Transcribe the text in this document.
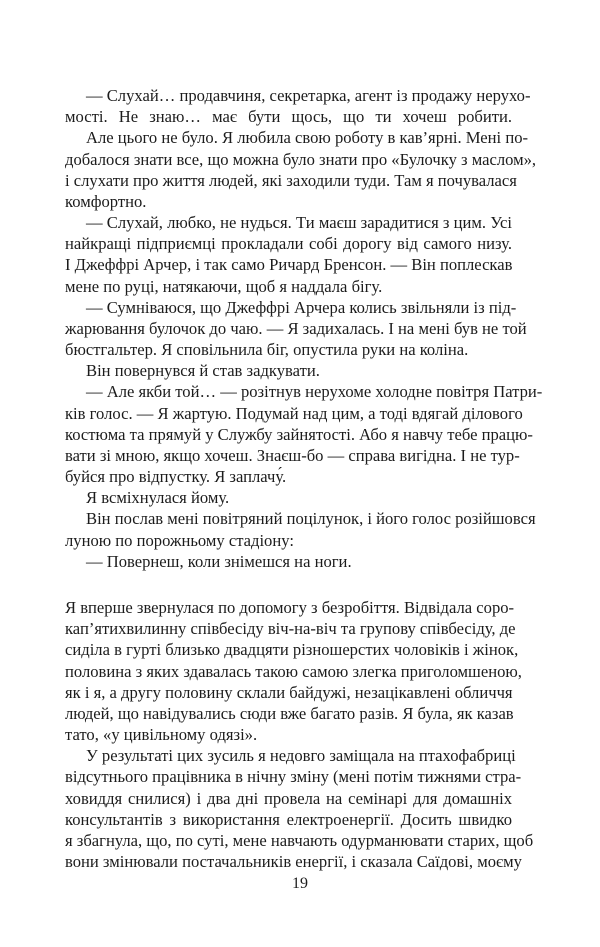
— Слухай… продавчиня, секретарка, агент із продажу нерухо-
мості. Не знаю… має бути щось, що ти хочеш робити.
Але цього не було. Я любила свою роботу в кав’ярні. Мені по-
добалося знати все, що можна було знати про «Булочку з маслом»,
і слухати про життя людей, які заходили туди. Там я почувалася
комфортно.
— Слухай, любко, не нудься. Ти маєш зарадитися з цим. Усі
найкращі підприємці прокладали собі дорогу від самого низу.
І Джеффрі Арчер, і так само Ричард Бренсон. — Він поплескав
мене по руці, натякаючи, щоб я наддала бігу.
— Сумніваюся, що Джеффрі Арчера колись звільняли із під-
жарювання булочок до чаю. — Я задихалась. І на мені був не той
бюстгальтер. Я сповільнила біг, опустила руки на коліна.
Він повернувся й став задкувати.
— Але якби той… — розітнув нерухоме холодне повітря Патри-
ків голос. — Я жартую. Подумай над цим, а тоді вдягай ділового
костюма та прямуй у Службу зайнятості. Або я навчу тебе працю-
вати зі мною, якщо хочеш. Знаєш-бо — справа вигідна. І не тур-
буйся про відпустку. Я заплачу́.
Я всміхнулася йому.
Він послав мені повітряний поцілунок, і його голос розійшовся
луною по порожньому стадіону:
— Повернеш, коли знімешся на ноги.
Я вперше звернулася по допомогу з безробіття. Відвідала соро-
кап’ятихвилинну співбесіду віч-на-віч та групову співбесіду, де
сиділа в гурті близько двадцяти різношерстих чоловіків і жінок,
половина з яких здавалась такою самою злегка приголомшеною,
як і я, а другу половину склали байдужі, незацікавлені обличчя
людей, що навідувались сюди вже багато разів. Я була, як казав
тато, «у цивільному одязі».
У результаті цих зусиль я недовго заміщала на птахофабриці
відсутнього працівника в нічну зміну (мені потім тижнями стра-
ховиддя снилися) і два дні провела на семінарі для домашніх
консультантів з використання електроенергії. Досить швидко
я збагнула, що, по суті, мене навчають одурманювати старих, щоб
вони змінювали постачальників енергії, і сказала Саїдові, моєму
19
